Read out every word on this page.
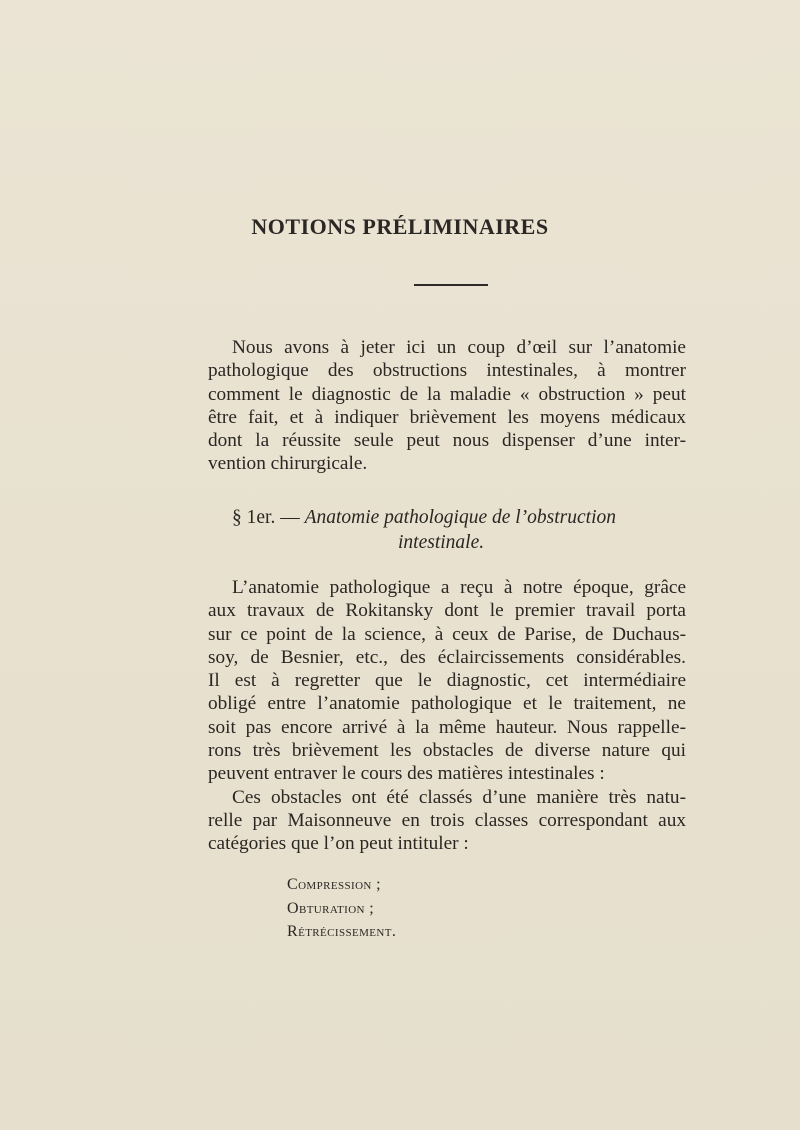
NOTIONS PRÉLIMINAIRES
Nous avons à jeter ici un coup d’œil sur l’anatomie
pathologique des obstructions intestinales, à montrer
comment le diagnostic de la maladie « obstruction » peut
être fait, et à indiquer brièvement les moyens médicaux
dont la réussite seule peut nous dispenser d’une inter-
vention chirurgicale.
§ 1er. — Anatomie pathologique de l’obstruction
intestinale.
L’anatomie pathologique a reçu à notre époque, grâce
aux travaux de Rokitansky dont le premier travail porta
sur ce point de la science, à ceux de Parise, de Duchaus-
soy, de Besnier, etc., des éclaircissements considérables.
Il est à regretter que le diagnostic, cet intermédiaire
obligé entre l’anatomie pathologique et le traitement, ne
soit pas encore arrivé à la même hauteur. Nous rappelle-
rons très brièvement les obstacles de diverse nature qui
peuvent entraver le cours des matières intestinales :
Ces obstacles ont été classés d’une manière très natu-
relle par Maisonneuve en trois classes correspondant aux
catégories que l’on peut intituler :
Compression ;
Obturation ;
Rétrécissement.
